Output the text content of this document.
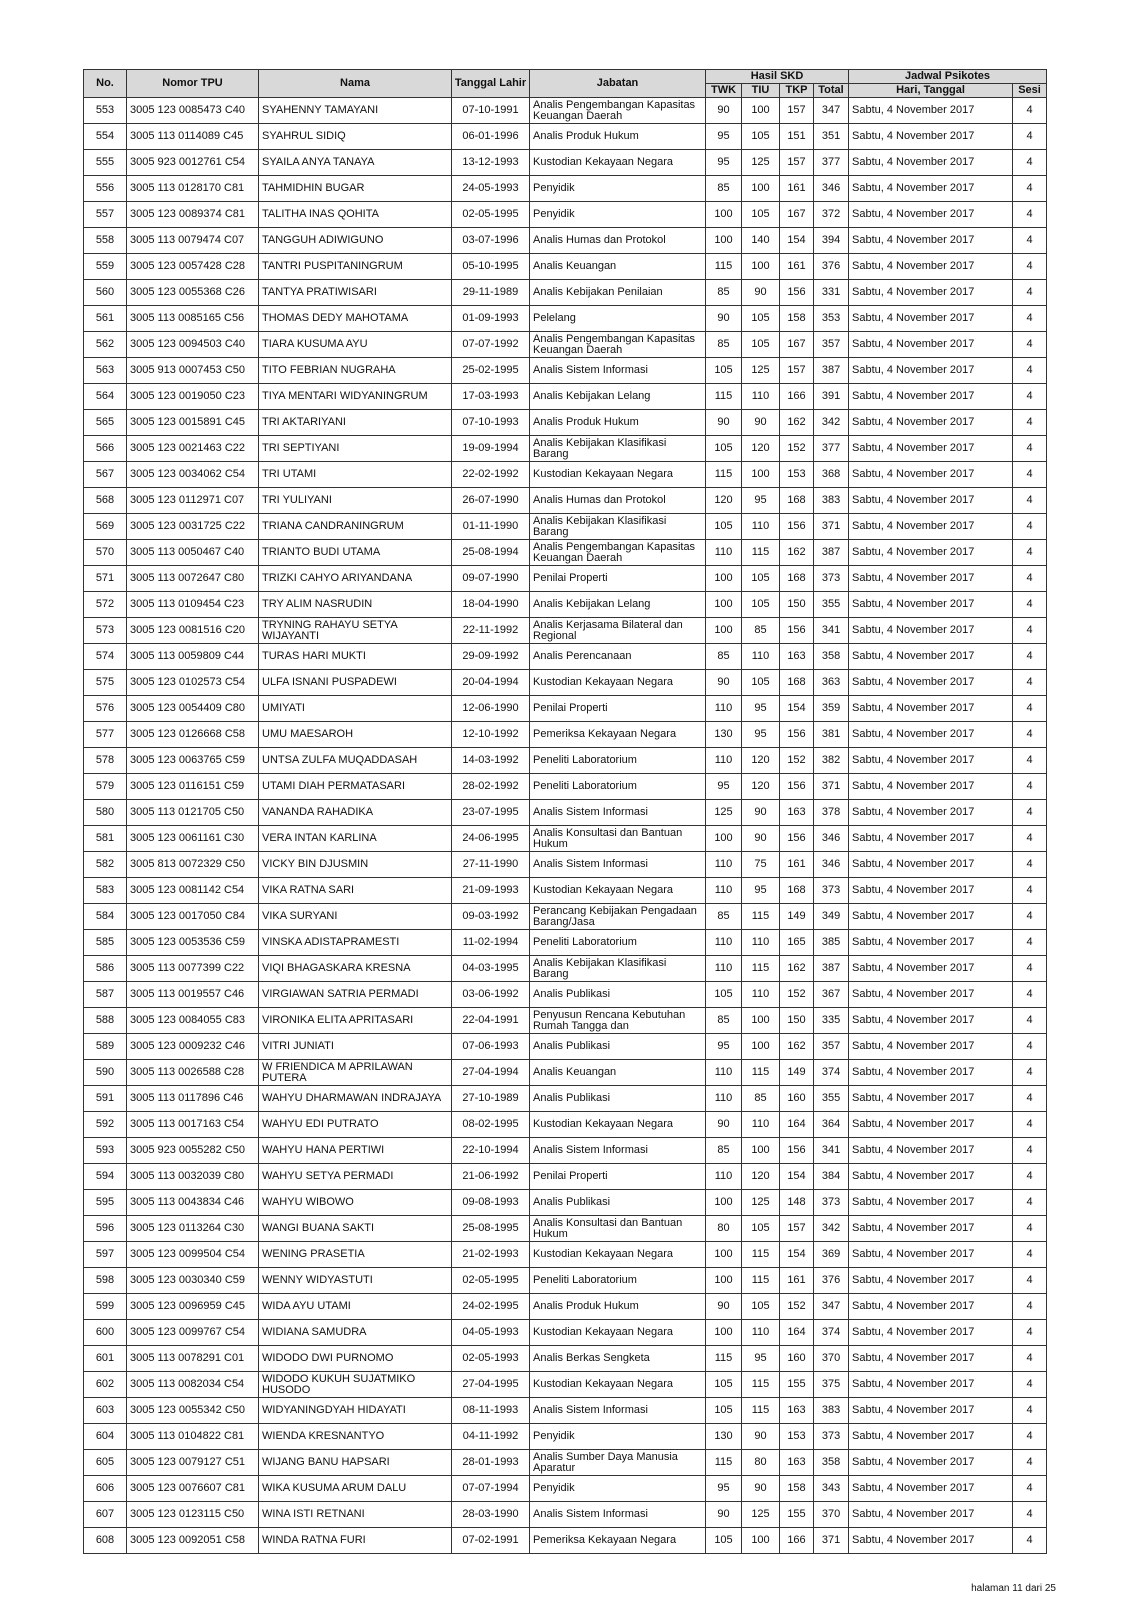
No.	Nomor TPU	Nama	Tanggal Lahir	Jabatan	Hasil SKD				Jadwal Psikotes	
					TWK	TIU	TKP	Total	Hari, Tanggal	Sesi
553	3005 123 0085473 C40	SYAHENNY TAMAYANI	07-10-1991	Analis Pengembangan Kapasitas Keuangan Daerah	90	100	157	347	Sabtu, 4 November 2017	4
554	3005 113 0114089 C45	SYAHRUL SIDIQ	06-01-1996	Analis Produk Hukum	95	105	151	351	Sabtu, 4 November 2017	4
555	3005 923 0012761 C54	SYAILA ANYA TANAYA	13-12-1993	Kustodian Kekayaan Negara	95	125	157	377	Sabtu, 4 November 2017	4
556	3005 113 0128170 C81	TAHMIDHIN BUGAR	24-05-1993	Penyidik	85	100	161	346	Sabtu, 4 November 2017	4
557	3005 123 0089374 C81	TALITHA INAS QOHITA	02-05-1995	Penyidik	100	105	167	372	Sabtu, 4 November 2017	4
558	3005 113 0079474 C07	TANGGUH ADIWIGUNO	03-07-1996	Analis Humas dan Protokol	100	140	154	394	Sabtu, 4 November 2017	4
559	3005 123 0057428 C28	TANTRI PUSPITANINGRUM	05-10-1995	Analis Keuangan	115	100	161	376	Sabtu, 4 November 2017	4
560	3005 123 0055368 C26	TANTYA PRATIWISARI	29-11-1989	Analis Kebijakan Penilaian	85	90	156	331	Sabtu, 4 November 2017	4
561	3005 113 0085165 C56	THOMAS DEDY MAHOTAMA	01-09-1993	Pelelang	90	105	158	353	Sabtu, 4 November 2017	4
562	3005 123 0094503 C40	TIARA KUSUMA AYU	07-07-1992	Analis Pengembangan Kapasitas Keuangan Daerah	85	105	167	357	Sabtu, 4 November 2017	4
563	3005 913 0007453 C50	TITO FEBRIAN NUGRAHA	25-02-1995	Analis Sistem Informasi	105	125	157	387	Sabtu, 4 November 2017	4
564	3005 123 0019050 C23	TIYA MENTARI WIDYANINGRUM	17-03-1993	Analis Kebijakan Lelang	115	110	166	391	Sabtu, 4 November 2017	4
565	3005 123 0015891 C45	TRI AKTARIYANI	07-10-1993	Analis Produk Hukum	90	90	162	342	Sabtu, 4 November 2017	4
566	3005 123 0021463 C22	TRI SEPTIYANI	19-09-1994	Analis Kebijakan Klasifikasi Barang	105	120	152	377	Sabtu, 4 November 2017	4
567	3005 123 0034062 C54	TRI UTAMI	22-02-1992	Kustodian Kekayaan Negara	115	100	153	368	Sabtu, 4 November 2017	4
568	3005 123 0112971 C07	TRI YULIYANI	26-07-1990	Analis Humas dan Protokol	120	95	168	383	Sabtu, 4 November 2017	4
569	3005 123 0031725 C22	TRIANA CANDRANINGRUM	01-11-1990	Analis Kebijakan Klasifikasi Barang	105	110	156	371	Sabtu, 4 November 2017	4
570	3005 113 0050467 C40	TRIANTO BUDI UTAMA	25-08-1994	Analis Pengembangan Kapasitas Keuangan Daerah	110	115	162	387	Sabtu, 4 November 2017	4
571	3005 113 0072647 C80	TRIZKI CAHYO ARIYANDANA	09-07-1990	Penilai Properti	100	105	168	373	Sabtu, 4 November 2017	4
572	3005 113 0109454 C23	TRY ALIM NASRUDIN	18-04-1990	Analis Kebijakan Lelang	100	105	150	355	Sabtu, 4 November 2017	4
573	3005 123 0081516 C20	TRYNING RAHAYU SETYA WIJAYANTI	22-11-1992	Analis Kerjasama Bilateral dan Regional	100	85	156	341	Sabtu, 4 November 2017	4
574	3005 113 0059809 C44	TURAS HARI MUKTI	29-09-1992	Analis Perencanaan	85	110	163	358	Sabtu, 4 November 2017	4
575	3005 123 0102573 C54	ULFA ISNANI PUSPADEWI	20-04-1994	Kustodian Kekayaan Negara	90	105	168	363	Sabtu, 4 November 2017	4
576	3005 123 0054409 C80	UMIYATI	12-06-1990	Penilai Properti	110	95	154	359	Sabtu, 4 November 2017	4
577	3005 123 0126668 C58	UMU MAESAROH	12-10-1992	Pemeriksa Kekayaan Negara	130	95	156	381	Sabtu, 4 November 2017	4
578	3005 123 0063765 C59	UNTSA ZULFA MUQADDASAH	14-03-1992	Peneliti Laboratorium	110	120	152	382	Sabtu, 4 November 2017	4
579	3005 123 0116151 C59	UTAMI DIAH PERMATASARI	28-02-1992	Peneliti Laboratorium	95	120	156	371	Sabtu, 4 November 2017	4
580	3005 113 0121705 C50	VANANDA RAHADIKA	23-07-1995	Analis Sistem Informasi	125	90	163	378	Sabtu, 4 November 2017	4
581	3005 123 0061161 C30	VERA INTAN KARLINA	24-06-1995	Analis Konsultasi dan Bantuan Hukum	100	90	156	346	Sabtu, 4 November 2017	4
582	3005 813 0072329 C50	VICKY BIN DJUSMIN	27-11-1990	Analis Sistem Informasi	110	75	161	346	Sabtu, 4 November 2017	4
583	3005 123 0081142 C54	VIKA RATNA SARI	21-09-1993	Kustodian Kekayaan Negara	110	95	168	373	Sabtu, 4 November 2017	4
584	3005 123 0017050 C84	VIKA SURYANI	09-03-1992	Perancang Kebijakan Pengadaan Barang/Jasa	85	115	149	349	Sabtu, 4 November 2017	4
585	3005 123 0053536 C59	VINSKA ADISTAPRAMESTI	11-02-1994	Peneliti Laboratorium	110	110	165	385	Sabtu, 4 November 2017	4
586	3005 113 0077399 C22	VIQI BHAGASKARA KRESNA	04-03-1995	Analis Kebijakan Klasifikasi Barang	110	115	162	387	Sabtu, 4 November 2017	4
587	3005 113 0019557 C46	VIRGIAWAN SATRIA PERMADI	03-06-1992	Analis Publikasi	105	110	152	367	Sabtu, 4 November 2017	4
588	3005 123 0084055 C83	VIRONIKA ELITA APRITASARI	22-04-1991	Penyusun Rencana Kebutuhan Rumah Tangga dan	85	100	150	335	Sabtu, 4 November 2017	4
589	3005 123 0009232 C46	VITRI JUNIATI	07-06-1993	Analis Publikasi	95	100	162	357	Sabtu, 4 November 2017	4
590	3005 113 0026588 C28	W FRIENDICA M APRILAWAN PUTERA	27-04-1994	Analis Keuangan	110	115	149	374	Sabtu, 4 November 2017	4
591	3005 113 0117896 C46	WAHYU DHARMAWAN INDRAJAYA	27-10-1989	Analis Publikasi	110	85	160	355	Sabtu, 4 November 2017	4
592	3005 113 0017163 C54	WAHYU EDI PUTRATO	08-02-1995	Kustodian Kekayaan Negara	90	110	164	364	Sabtu, 4 November 2017	4
593	3005 923 0055282 C50	WAHYU HANA PERTIWI	22-10-1994	Analis Sistem Informasi	85	100	156	341	Sabtu, 4 November 2017	4
594	3005 113 0032039 C80	WAHYU SETYA PERMADI	21-06-1992	Penilai Properti	110	120	154	384	Sabtu, 4 November 2017	4
595	3005 113 0043834 C46	WAHYU WIBOWO	09-08-1993	Analis Publikasi	100	125	148	373	Sabtu, 4 November 2017	4
596	3005 123 0113264 C30	WANGI BUANA SAKTI	25-08-1995	Analis Konsultasi dan Bantuan Hukum	80	105	157	342	Sabtu, 4 November 2017	4
597	3005 123 0099504 C54	WENING PRASETIA	21-02-1993	Kustodian Kekayaan Negara	100	115	154	369	Sabtu, 4 November 2017	4
598	3005 123 0030340 C59	WENNY WIDYASTUTI	02-05-1995	Peneliti Laboratorium	100	115	161	376	Sabtu, 4 November 2017	4
599	3005 123 0096959 C45	WIDA AYU UTAMI	24-02-1995	Analis Produk Hukum	90	105	152	347	Sabtu, 4 November 2017	4
600	3005 123 0099767 C54	WIDIANA SAMUDRA	04-05-1993	Kustodian Kekayaan Negara	100	110	164	374	Sabtu, 4 November 2017	4
601	3005 113 0078291 C01	WIDODO DWI PURNOMO	02-05-1993	Analis Berkas Sengketa	115	95	160	370	Sabtu, 4 November 2017	4
602	3005 113 0082034 C54	WIDODO KUKUH SUJATMIKO HUSODO	27-04-1995	Kustodian Kekayaan Negara	105	115	155	375	Sabtu, 4 November 2017	4
603	3005 123 0055342 C50	WIDYANINGDYAH HIDAYATI	08-11-1993	Analis Sistem Informasi	105	115	163	383	Sabtu, 4 November 2017	4
604	3005 113 0104822 C81	WIENDA KRESNANTYO	04-11-1992	Penyidik	130	90	153	373	Sabtu, 4 November 2017	4
605	3005 123 0079127 C51	WIJANG BANU HAPSARI	28-01-1993	Analis Sumber Daya Manusia Aparatur	115	80	163	358	Sabtu, 4 November 2017	4
606	3005 123 0076607 C81	WIKA KUSUMA ARUM DALU	07-07-1994	Penyidik	95	90	158	343	Sabtu, 4 November 2017	4
607	3005 123 0123115 C50	WINA ISTI RETNANI	28-03-1990	Analis Sistem Informasi	90	125	155	370	Sabtu, 4 November 2017	4
608	3005 123 0092051 C58	WINDA RATNA FURI	07-02-1991	Pemeriksa Kekayaan Negara	105	100	166	371	Sabtu, 4 November 2017	4
halaman 11 dari 25
